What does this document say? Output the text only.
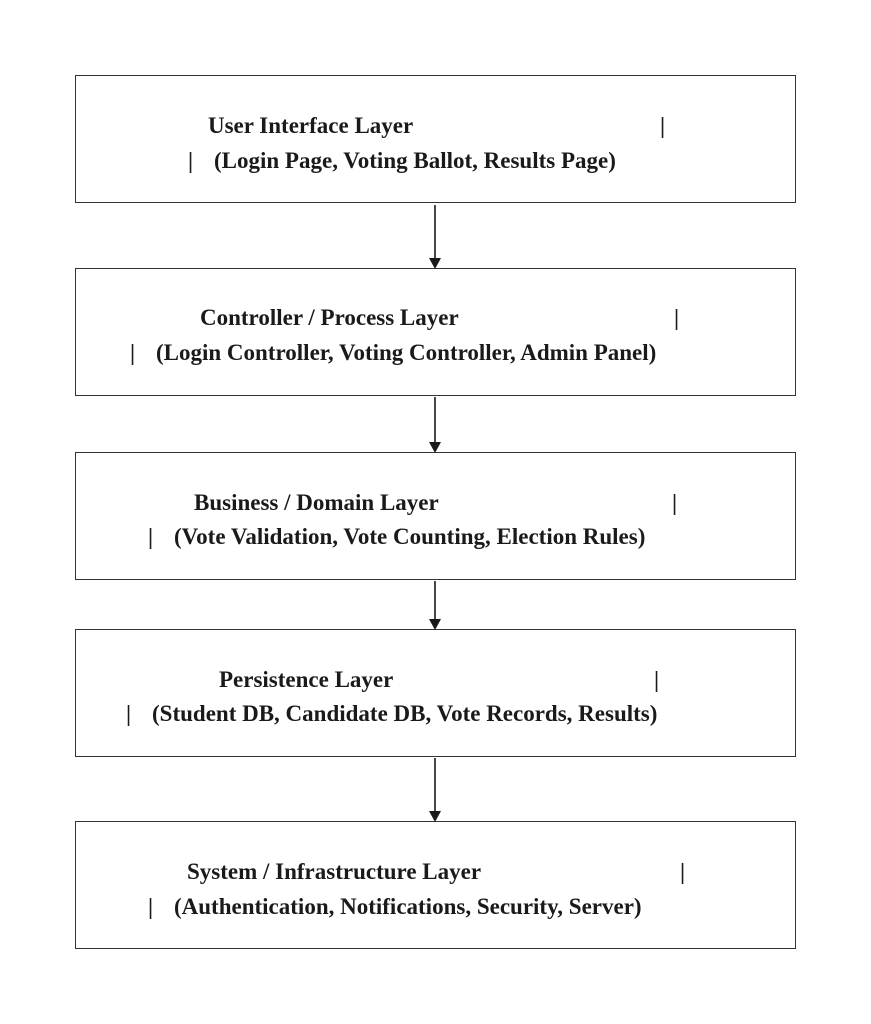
User Interface Layer	|
| (Login Page, Voting Ballot, Results Page)
Controller / Process Layer	|
| (Login Controller, Voting Controller, Admin Panel)
Business / Domain Layer	|
| (Vote Validation, Vote Counting, Election Rules)
Persistence Layer	|
| (Student DB, Candidate DB, Vote Records, Results)
System / Infrastructure Layer	|
| (Authentication, Notifications, Security, Server)
